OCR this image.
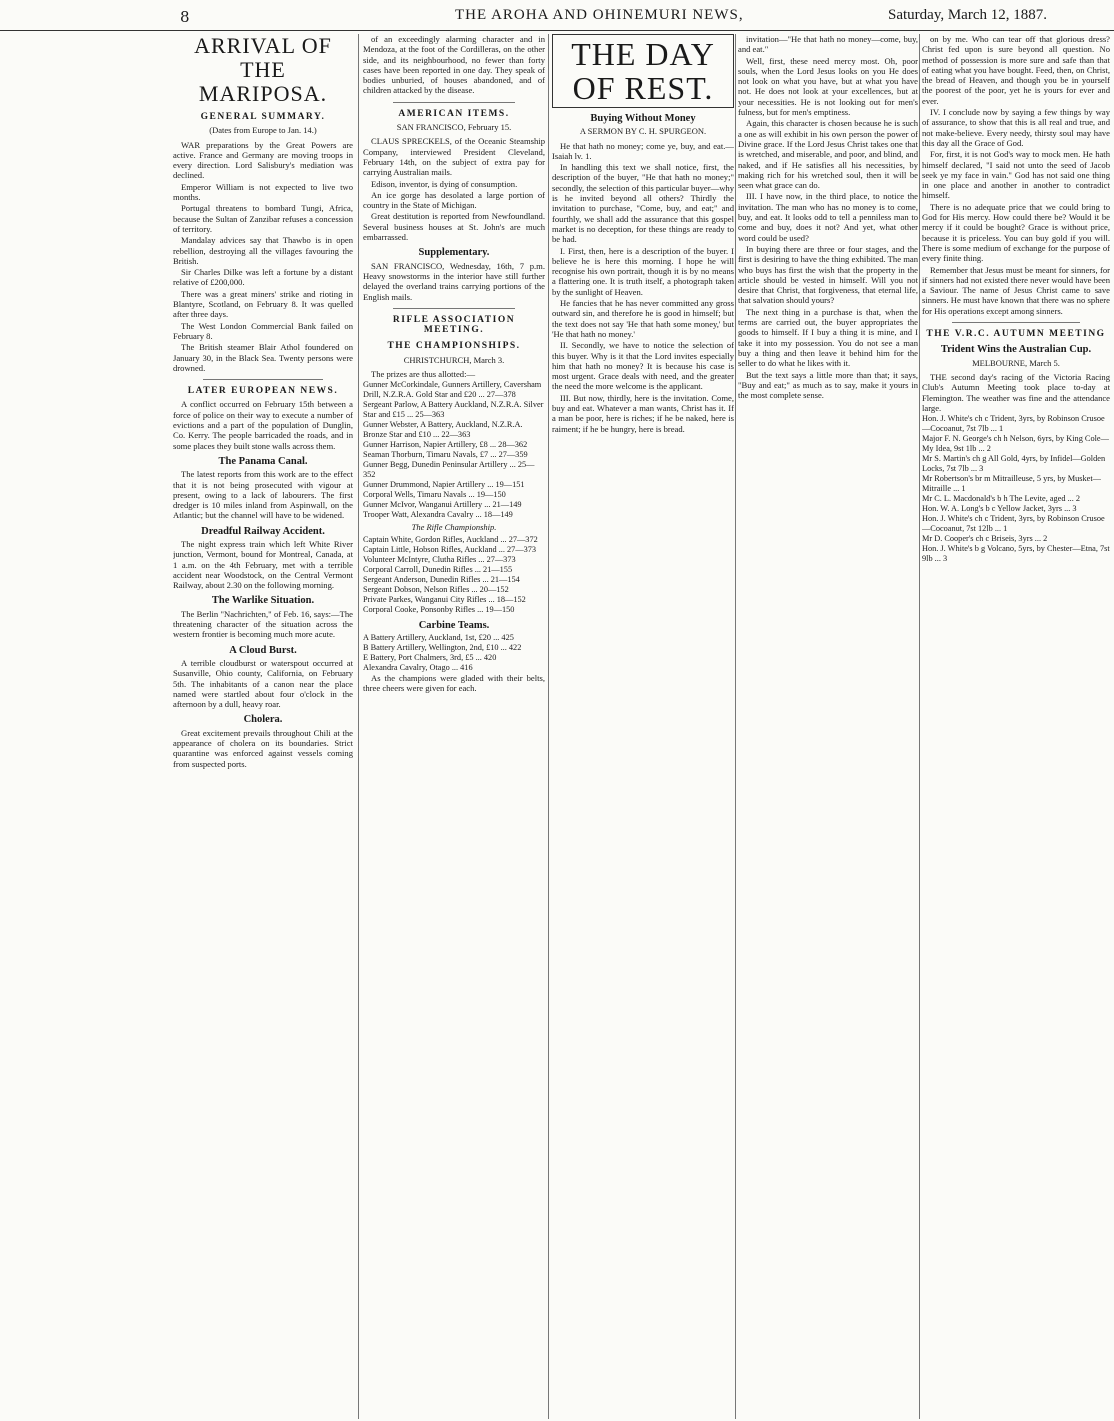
8	THE AROHA AND OHINEMURI NEWS,	Saturday, March 12, 1887.
ARRIVAL OF THE MARIPOSA.
GENERAL SUMMARY.
(Dates from Europe to Jan. 14.)

WAR preparations by the Great Powers are active. France and Germany are moving troops in every direction. Lord Salisbury's mediation was declined.

Emperor William is not expected to live two months.

Portugal threatens to bombard Tungi, Africa, because the Sultan of Zanzibar refuses a concession of territory.

Mandalay advices say that Thawbo is in open rebellion, destroying all the villages favouring the British.

Sir Charles Dilke was left a fortune by a distant relative of £200,000.

There was a great miners' strike and rioting in Blantyre, Scotland, on February 8. It was quelled after three days.

The West London Commercial Bank failed on February 8.

The British steamer Blair Athol foundered on January 30, in the Black Sea. Twenty persons were drowned.

LATER EUROPEAN NEWS.

A conflict occurred on February 15th between a force of police on their way to execute a number of evictions and a part of the population of Dunglin, Co. Kerry. The people barricaded the roads, and in some places they built stone walls across them.

The Panama Canal.

The latest reports from this work are to the effect that it is not being prosecuted with vigour at present, owing to a lack of labourers. The first dredger is 10 miles inland from Aspinwall, on the Atlantic; but the channel will have to be widened.

Dreadful Railway Accident.

The night express train which left White River junction, Vermont, bound for Montreal, Canada, at 1 a.m. on the 4th February, met with a terrible accident near Woodstock, on the Central Vermont Railway, about 2.30 on the following morning.

The Warlike Situation.

The Berlin "Nachrichten," of Feb. 16, says:—The threatening character of the situation across the western frontier is becoming much more acute.

A Cloud Burst.

A terrible cloudburst or waterspout occurred at Susanville, Ohio county, California, on February 5th. The inhabitants of a canon near the place named were startled about four o'clock in the afternoon by a dull, heavy roar.

Cholera.

Great excitement prevails throughout Chili at the appearance of cholera on its boundaries. Strict quarantine was enforced against vessels coming from suspected ports.

of an exceedingly alarming character and in Mendoza, at the foot of the Cordilleras, on the other side, and its neighbourhood, no fewer than forty cases have been reported in one day. They speak of bodies unburied, of houses abandoned, and of children attacked by the disease.

AMERICAN ITEMS.
SAN FRANCISCO, February 15.

CLAUS SPRECKELS, of the Oceanic Steamship Company, interviewed President Cleveland, February 14th, on the subject of extra pay for carrying Australian mails.

Edison, inventor, is dying of consumption.

An ice gorge has desolated a large portion of country in the State of Michigan.

Great destitution is reported from Newfoundland. Several business houses at St. John's are much embarrassed.

Supplementary.

SAN FRANCISCO, Wednesday, 16th, 7 p.m. Heavy snowstorms in the interior have still further delayed the overland trains carrying portions of the English mails.

RIFLE ASSOCIATION MEETING.
THE CHAMPIONSHIPS.
CHRISTCHURCH, March 3.

The prizes are thus allotted:—

Gunner McCorkindale, Gunners Artillery, Caversham Drill, N.Z.R.A. Gold Star and £20 ... 27—378
Sergeant Parlow, A Battery Auckland, N.Z.R.A. Silver Star and £15 ... 25—363
Gunner Webster, A Battery, Auckland, N.Z.R.A. Bronze Star and £10 ... 22—363
Gunner Harrison, Napier Artillery, £8 ... 28—362
Seaman Thorburn, Timaru Navals, £7 ... 27—359
Gunner Begg, Dunedin Peninsular Artillery ... 25—352
Gunner Drummond, Napier Artillery ... 19—151
Corporal Wells, Timaru Navals ... 19—150
Gunner McIvor, Wanganui Artillery ... 21—149
Trooper Watt, Alexandra Cavalry ... 18—149
The Rifle Championship.
Captain White, Gordon Rifles, Auckland ... 27—372
Captain Little, Hobson Rifles, Auckland ... 27—373
Volunteer McIntyre, Clutha Rifles ... 27—373
Corporal Carroll, Dunedin Rifles ... 21—155
Sergeant Anderson, Dunedin Rifles ... 21—154
Sergeant Dobson, Nelson Rifles ... 20—152
Private Parkes, Wanganui City Rifles ... 18—152
Corporal Cooke, Ponsonby Rifles ... 19—150
Carbine Teams.
A Battery Artillery, Auckland, 1st, £20 ... 425
B Battery Artillery, Wellington, 2nd, £10 ... 422
E Battery, Port Chalmers, 3rd, £5 ... 420
Alexandra Cavalry, Otago ... 416

As the champions were gladed with their belts, three cheers were given for each.

THE DAY OF REST.
Buying Without Money
A SERMON BY C. H. SPURGEON.

He that hath no money; come ye, buy, and eat.—Isaiah lv. 1.

In handling this text we shall notice, first, the description of the buyer, "He that hath no money;" secondly, the selection of this particular buyer—why is he invited beyond all others? Thirdly the invitation to purchase, "Come, buy, and eat;" and fourthly, we shall add the assurance that this gospel market is no deception, for these things are ready to be had.

I. First, then, here is a description of the buyer. I believe he is here this morning. I hope he will recognise his own portrait, though it is by no means a flattering one. It is truth itself, a photograph taken by the sunlight of Heaven.

He fancies that he has never committed any gross outward sin, and therefore he is good in himself; but the text does not say 'He that hath some money,' but 'He that hath no money.'

II. Secondly, we have to notice the selection of this buyer. Why is it that the Lord invites especially him that hath no money? It is because his case is most urgent. Grace deals with need, and the greater the need the more welcome is the applicant.

III. But now, thirdly, here is the invitation. Come, buy and eat. Whatever a man wants, Christ has it. If a man be poor, here is riches; if he be naked, here is raiment; if he be hungry, here is bread.

invitation—"He that hath no money—come, buy, and eat."

Well, first, these need mercy most. Oh, poor souls, when the Lord Jesus looks on you He does not look on what you have, but at what you have not. He does not look at your excellences, but at your necessities. He is not looking out for men's fulness, but for men's emptiness.

Again, this character is chosen because he is such a one as will exhibit in his own person the power of Divine grace. If the Lord Jesus Christ takes one that is wretched, and miserable, and poor, and blind, and naked, and if He satisfies all his necessities, by making rich for his wretched soul, then it will be seen what grace can do.

III. I have now, in the third place, to notice the invitation. The man who has no money is to come, buy, and eat. It looks odd to tell a penniless man to come and buy, does it not? And yet, what other word could be used?

In buying there are three or four stages, and the first is desiring to have the thing exhibited. The man who buys has first the wish that the property in the article should be vested in himself. Will you not desire that Christ, that forgiveness, that eternal life, that salvation should yours?

The next thing in a purchase is that, when the terms are carried out, the buyer appropriates the goods to himself. If I buy a thing it is mine, and I take it into my possession. You do not see a man buy a thing and then leave it behind him for the seller to do what he likes with it.

But the text says a little more than that; it says, "Buy and eat;" as much as to say, make it yours in the most complete sense.

on by me. Who can tear off that glorious dress? Christ fed upon is sure beyond all question. No method of possession is more sure and safe than that of eating what you have bought. Feed, then, on Christ, the bread of Heaven, and though you be in yourself the poorest of the poor, yet he is yours for ever and ever.

IV. I conclude now by saying a few things by way of assurance, to show that this is all real and true, and not make-believe. Every needy, thirsty soul may have this day all the Grace of God.

For, first, it is not God's way to mock men. He hath himself declared, "I said not unto the seed of Jacob seek ye my face in vain." God has not said one thing in one place and another in another to contradict himself.

There is no adequate price that we could bring to God for His mercy. How could there be? Would it be mercy if it could be bought? Grace is without price, because it is priceless. You can buy gold if you will. There is some medium of exchange for the purpose of every finite thing.

Remember that Jesus must be meant for sinners, for if sinners had not existed there never would have been a Saviour. The name of Jesus Christ came to save sinners. He must have known that there was no sphere for His operations except among sinners.

THE V.R.C. AUTUMN MEETING
Trident Wins the Australian Cup.
MELBOURNE, March 5.

THE second day's racing of the Victoria Racing Club's Autumn Meeting took place to-day at Flemington. The weather was fine and the attendance large.

Hon. J. White's ch c Trident, 3yrs, by Robinson Crusoe—Cocoanut, 7st 7lb ... 1
Major F. N. George's ch h Nelson, 6yrs, by King Cole—My Idea, 9st 1lb ... 2
Mr S. Martin's ch g All Gold, 4yrs, by Infidel—Golden Locks, 7st 7lb ... 3
Mr Robertson's br m Mitrailleuse, 5 yrs, by Musket—Mitraille ... 1
Mr C. L. Macdonald's b h The Levite, aged ... 2
Hon. W. A. Long's b c Yellow Jacket, 3yrs ... 3
Hon. J. White's ch c Trident, 3yrs, by Robinson Crusoe—Cocoanut, 7st 12lb ... 1
Mr D. Cooper's ch c Briseis, 3yrs ... 2
Hon. J. White's b g Volcano, 5yrs, by Chester—Etna, 7st 9lb ... 3
